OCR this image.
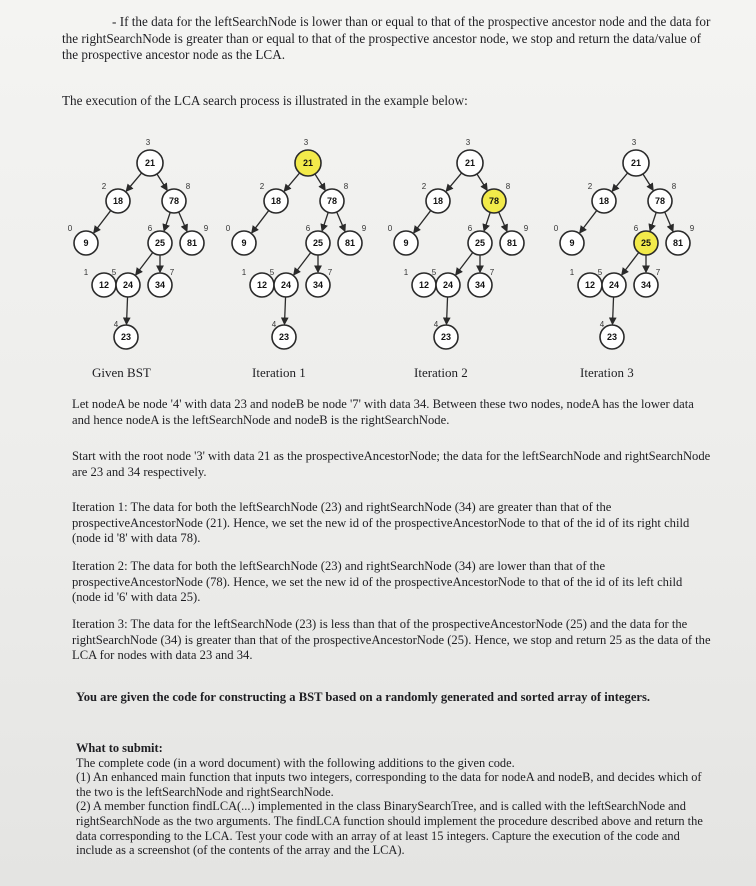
- If the data for the leftSearchNode is lower than or equal to that of the prospective ancestor node and the data for the rightSearchNode is greater than or equal to that of the prospective ancestor node, we stop and return the data/value of the prospective ancestor node as the LCA.
The execution of the LCA search process is illustrated in the example below:
21
3
18
2
78
8
9
0
25
6
81
9
12
1
24
5
34
7
23
4
21
3
18
2
78
8
9
0
25
6
81
9
12
1
24
5
34
7
23
4
21
3
18
2
78
8
9
0
25
6
81
9
12
1
24
5
34
7
23
4
21
3
18
2
78
8
9
0
25
6
81
9
12
1
24
5
34
7
23
4
Given BST	Iteration 1	Iteration 2	Iteration 3
Let nodeA be node '4' with data 23 and nodeB be node '7' with data 34. Between these two nodes, nodeA has the lower data and hence nodeA is the leftSearchNode and nodeB is the rightSearchNode.
Start with the root node '3' with data 21 as the prospectiveAncestorNode; the data for the leftSearchNode and rightSearchNode are 23 and 34 respectively.
Iteration 1: The data for both the leftSearchNode (23) and rightSearchNode (34) are greater than that of the prospectiveAncestorNode (21). Hence, we set the new id of the prospectiveAncestorNode to that of the id of its right child (node id '8' with data 78).
Iteration 2: The data for both the leftSearchNode (23) and rightSearchNode (34) are lower than that of the prospectiveAncestorNode (78). Hence, we set the new id of the prospectiveAncestorNode to that of the id of its left child (node id '6' with data 25).
Iteration 3: The data for the leftSearchNode (23) is less than that of the prospectiveAncestorNode (25) and the data for the rightSearchNode (34) is greater than that of the prospectiveAncestorNode (25). Hence, we stop and return 25 as the data of the LCA for nodes with data 23 and 34.
You are given the code for constructing a BST based on a randomly generated and sorted array of integers.
What to submit:
The complete code (in a word document) with the following additions to the given code.
(1) An enhanced main function that inputs two integers, corresponding to the data for nodeA and nodeB, and decides which of the two is the leftSearchNode and rightSearchNode.
(2) A member function findLCA(...) implemented in the class BinarySearchTree, and is called with the leftSearchNode and rightSearchNode as the two arguments. The findLCA function should implement the procedure described above and return the data corresponding to the LCA. Test your code with an array of at least 15 integers. Capture the execution of the code and include as a screenshot (of the contents of the array and the LCA).
